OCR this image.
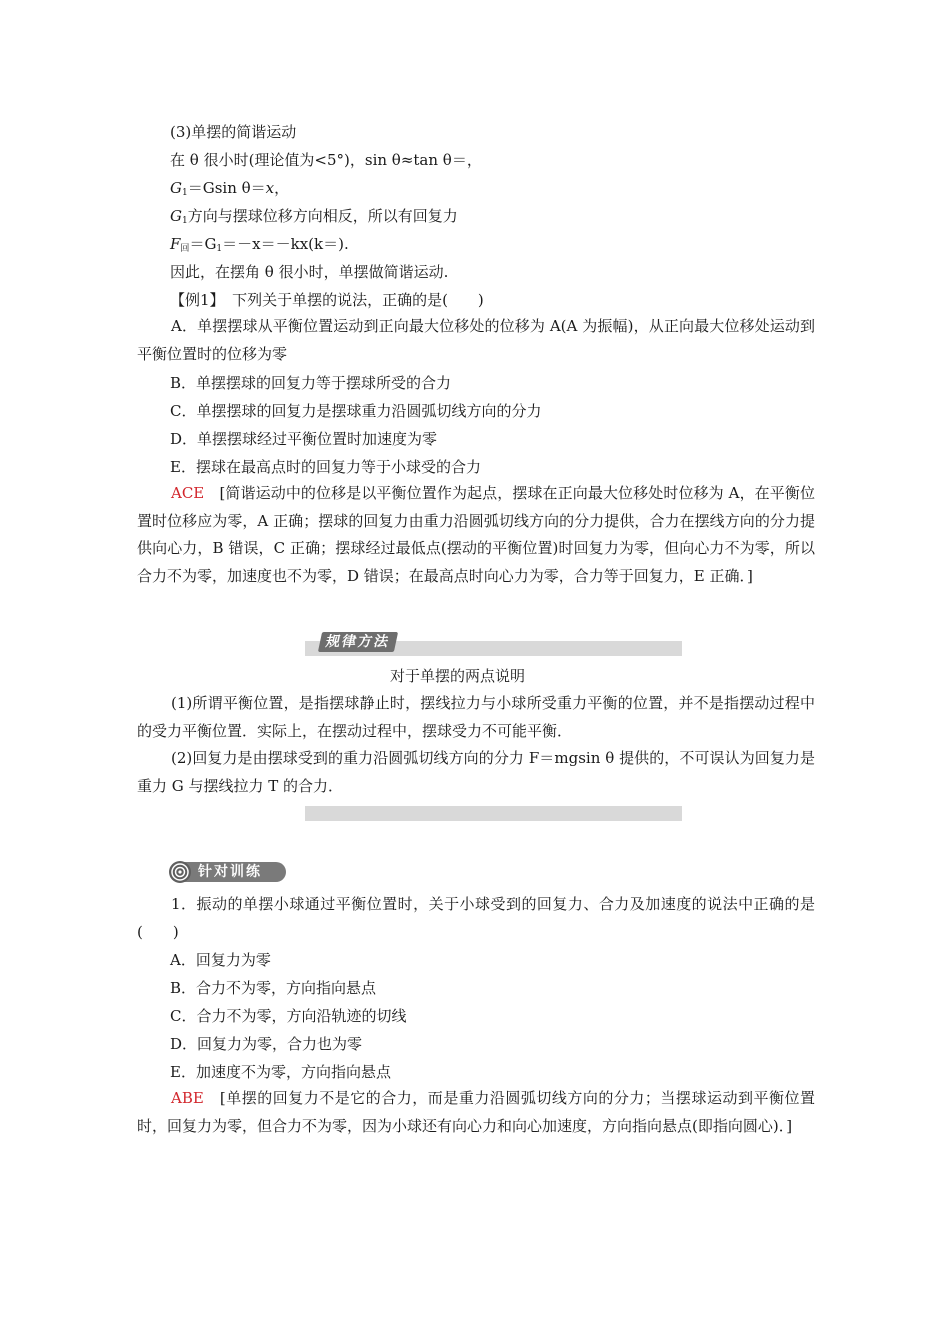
(3)单摆的简谐运动
在 θ 很小时(理论值为<5°)，sin θ≈tan θ＝，
$G_1=Gsin$ θ＝x，
$G_1$方向与摆球位移方向相反，所以有回复力
$F_回=G_1=-x=-kx(k=)$.
因此，在摆角 θ 很小时，单摆做简谐运动.
【例1】　 下列关于单摆的说法，正确的是(　　)
A．单摆摆球从平衡位置运动到正向最大位移处的位移为 A(A 为振幅)，从正向最大位移处运动到平衡位置时的位移为零
B．单摆摆球的回复力等于摆球所受的合力
C．单摆摆球的回复力是摆球重力沿圆弧切线方向的分力
D．单摆摆球经过平衡位置时加速度为零
E．摆球在最高点时的回复力等于小球受的合力
ACE　 [简谐运动中的位移是以平衡位置作为起点，摆球在正向最大位移处时位移为 A，在平衡位置时位移应为零，A 正确；摆球的回复力由重力沿圆弧切线方向的分力提供，合力在摆线方向的分力提供向心力，B 错误，C 正确；摆球经过最低点(摆动的平衡位置)时回复力为零，但向心力不为零，所以合力不为零，加速度也不为零，D 错误；在最高点时向心力为零，合力等于回复力，E 正确．]
规律方法
对于单摆的两点说明
(1)所谓平衡位置，是指摆球静止时，摆线拉力与小球所受重力平衡的位置，并不是指摆动过程中的受力平衡位置．实际上，在摆动过程中，摆球受力不可能平衡．
(2)回复力是由摆球受到的重力沿圆弧切线方向的分力 F＝mgsin θ 提供的，不可误认为回复力是重力 G 与摆线拉力 T 的合力．
针对训练
1．振动的单摆小球通过平衡位置时，关于小球受到的回复力、合力及加速度的说法中正确的是(　　)
A．回复力为零
B．合力不为零，方向指向悬点
C．合力不为零，方向沿轨迹的切线
D．回复力为零，合力也为零
E．加速度不为零，方向指向悬点
ABE　 [单摆的回复力不是它的合力，而是重力沿圆弧切线方向的分力；当摆球运动到平衡位置时，回复力为零，但合力不为零，因为小球还有向心力和向心加速度，方向指向悬点(即指向圆心)．]
